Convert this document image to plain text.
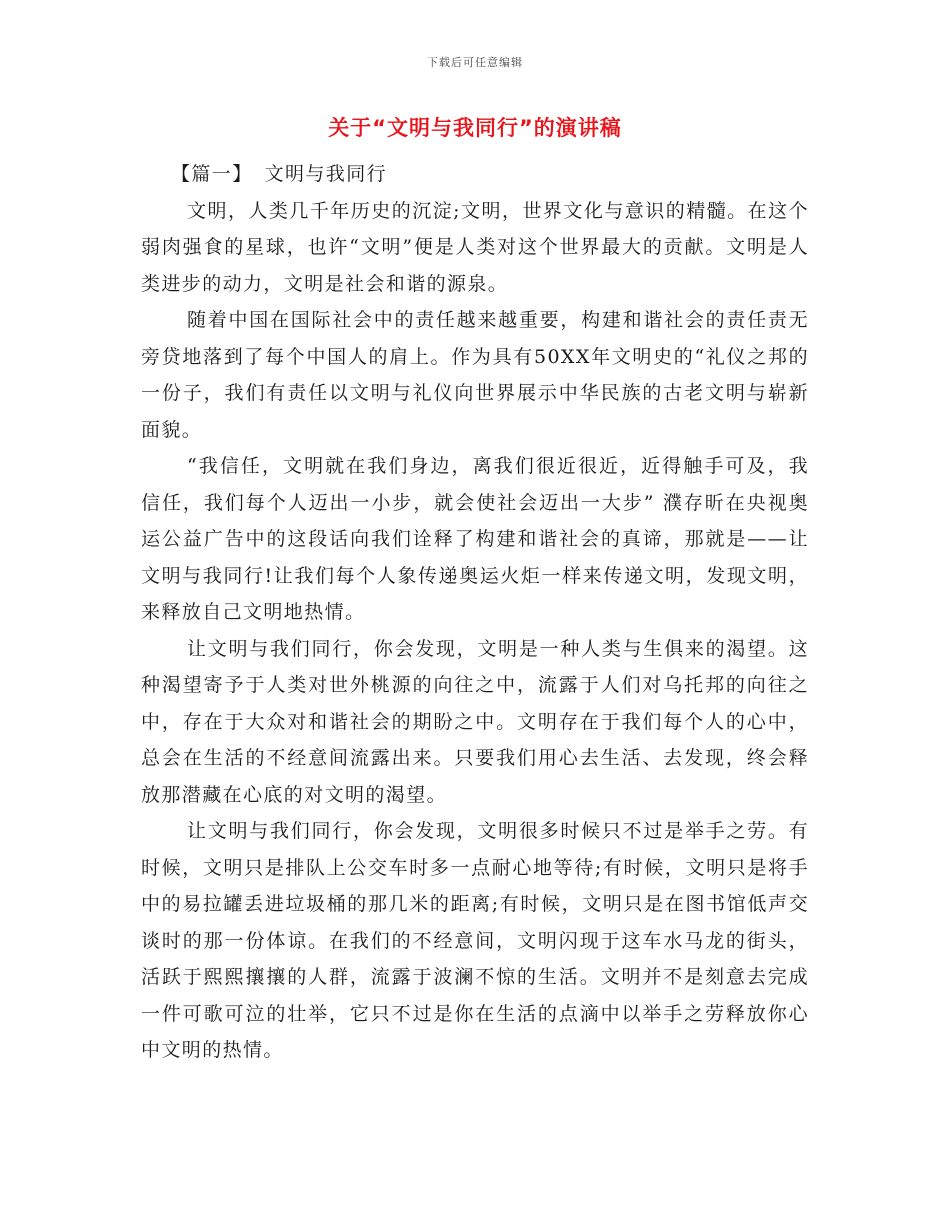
下载后可任意编辑
关于“文明与我同行”的演讲稿

【篇一】 文明与我同行

文明，人类几千年历史的沉淀;文明，世界文化与意识的精髓。在这个弱肉强食的星球，也许“文明”便是人类对这个世界最大的贡献。文明是人类进步的动力，文明是社会和谐的源泉。

随着中国在国际社会中的责任越来越重要，构建和谐社会的责任责无旁贷地落到了每个中国人的肩上。作为具有50XX年文明史的“礼仪之邦的一份子，我们有责任以文明与礼仪向世界展示中华民族的古老文明与崭新面貌。

“我信任，文明就在我们身边，离我们很近很近，近得触手可及，我信任，我们每个人迈出一小步，就会使社会迈出一大步” 濮存昕在央视奥运公益广告中的这段话向我们诠释了构建和谐社会的真谛，那就是——让文明与我同行!让我们每个人象传递奥运火炬一样来传递文明，发现文明，来释放自己文明地热情。

让文明与我们同行，你会发现，文明是一种人类与生俱来的渴望。这种渴望寄予于人类对世外桃源的向往之中，流露于人们对乌托邦的向往之中，存在于大众对和谐社会的期盼之中。文明存在于我们每个人的心中，总会在生活的不经意间流露出来。只要我们用心去生活、去发现，终会释放那潜藏在心底的对文明的渴望。

让文明与我们同行，你会发现，文明很多时候只不过是举手之劳。有时候，文明只是排队上公交车时多一点耐心地等待;有时候，文明只是将手中的易拉罐丢进垃圾桶的那几米的距离;有时候，文明只是在图书馆低声交谈时的那一份体谅。在我们的不经意间，文明闪现于这车水马龙的街头，活跃于熙熙攘攘的人群，流露于波澜不惊的生活。文明并不是刻意去完成一件可歌可泣的壮举，它只不过是你在生活的点滴中以举手之劳释放你心中文明的热情。
